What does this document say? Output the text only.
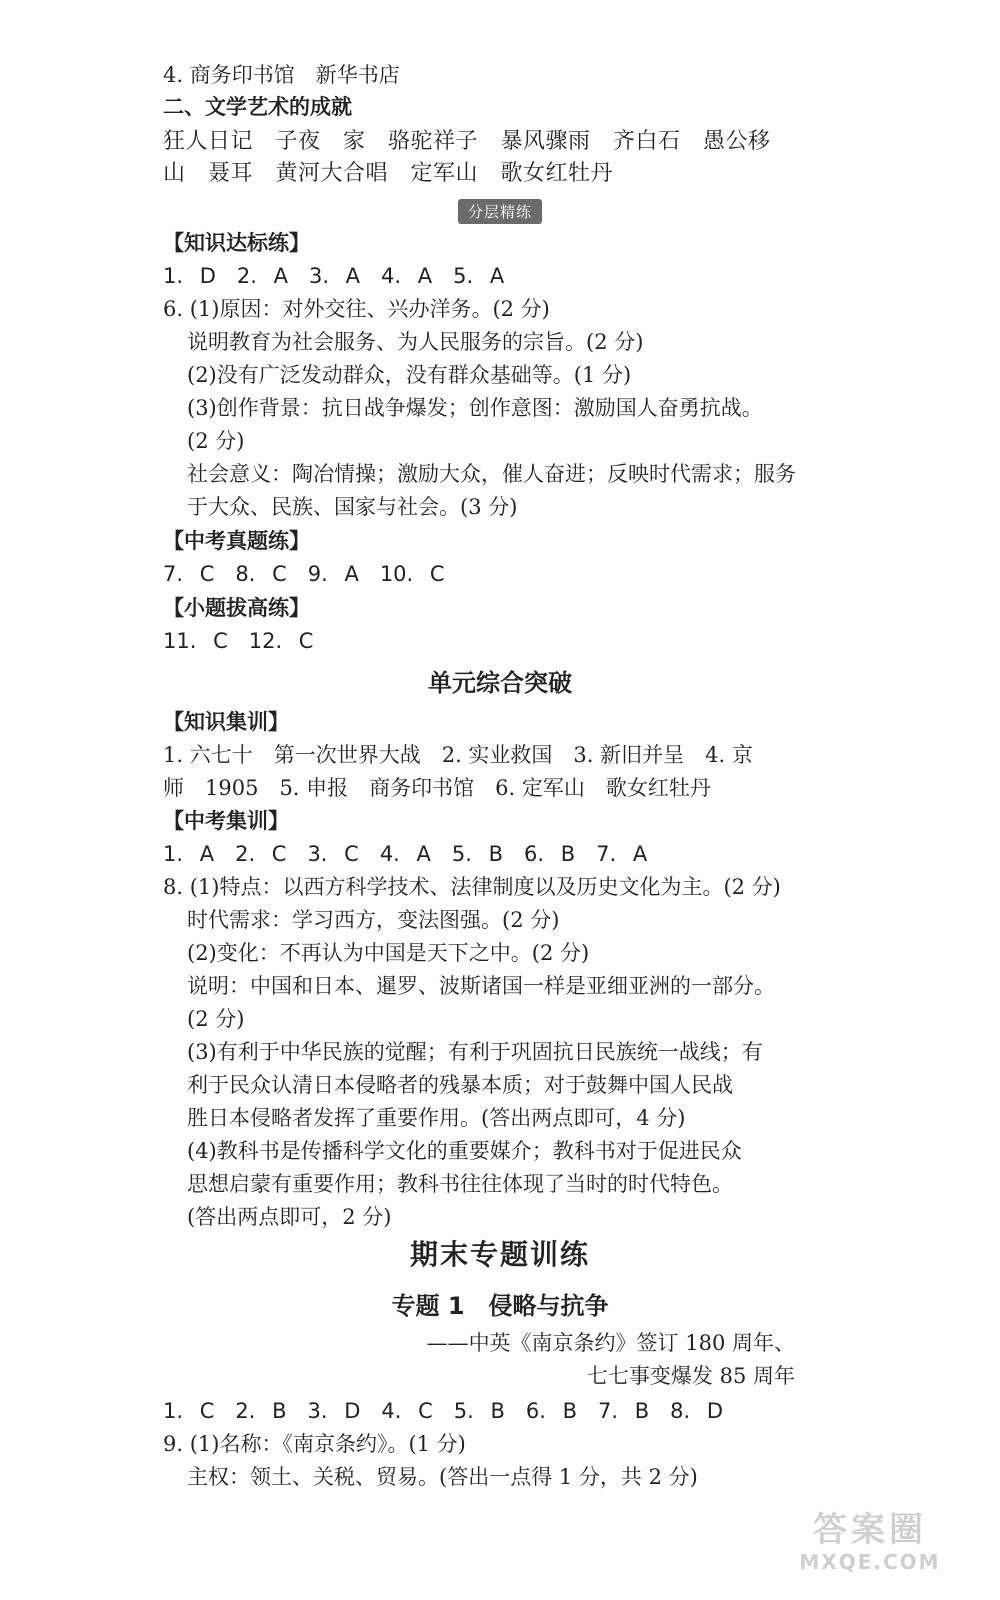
4. 商务印书馆　新华书店
二、文学艺术的成就
狂人日记　子夜　家　骆驼祥子　暴风骤雨　齐白石　愚公移
山　聂耳　黄河大合唱　定军山　歌女红牡丹
分层精练
【知识达标练】
1. D　2. A　3. A　4. A　5. A
6. (1)原因：对外交往、兴办洋务。(2 分)
说明教育为社会服务、为人民服务的宗旨。(2 分)
(2)没有广泛发动群众，没有群众基础等。(1 分)
(3)创作背景：抗日战争爆发；创作意图：激励国人奋勇抗战。
(2 分)
社会意义：陶冶情操；激励大众，催人奋进；反映时代需求；服务
于大众、民族、国家与社会。(3 分)
【中考真题练】
7. C　8. C　9. A　10. C
【小题拔高练】
11. C　12. C
单元综合突破
【知识集训】
1. 六七十　第一次世界大战　2. 实业救国　3. 新旧并呈　4. 京
师　1905　5. 申报　商务印书馆　6. 定军山　歌女红牡丹
【中考集训】
1. A　2. C　3. C　4. A　5. B　6. B　7. A
8. (1)特点：以西方科学技术、法律制度以及历史文化为主。(2 分)
时代需求：学习西方，变法图强。(2 分)
(2)变化：不再认为中国是天下之中。(2 分)
说明：中国和日本、暹罗、波斯诸国一样是亚细亚洲的一部分。
(2 分)
(3)有利于中华民族的觉醒；有利于巩固抗日民族统一战线；有
利于民众认清日本侵略者的残暴本质；对于鼓舞中国人民战
胜日本侵略者发挥了重要作用。(答出两点即可，4 分)
(4)教科书是传播科学文化的重要媒介；教科书对于促进民众
思想启蒙有重要作用；教科书往往体现了当时的时代特色。
(答出两点即可，2 分)
期末专题训练
专题 1　侵略与抗争
——中英《南京条约》签订 180 周年、
七七事变爆发 85 周年
1. C　2. B　3. D　4. C　5. B　6. B　7. B　8. D
9. (1)名称：《南京条约》。(1 分)
主权：领土、关税、贸易。(答出一点得 1 分，共 2 分)
答案圈
MXQE.COM
